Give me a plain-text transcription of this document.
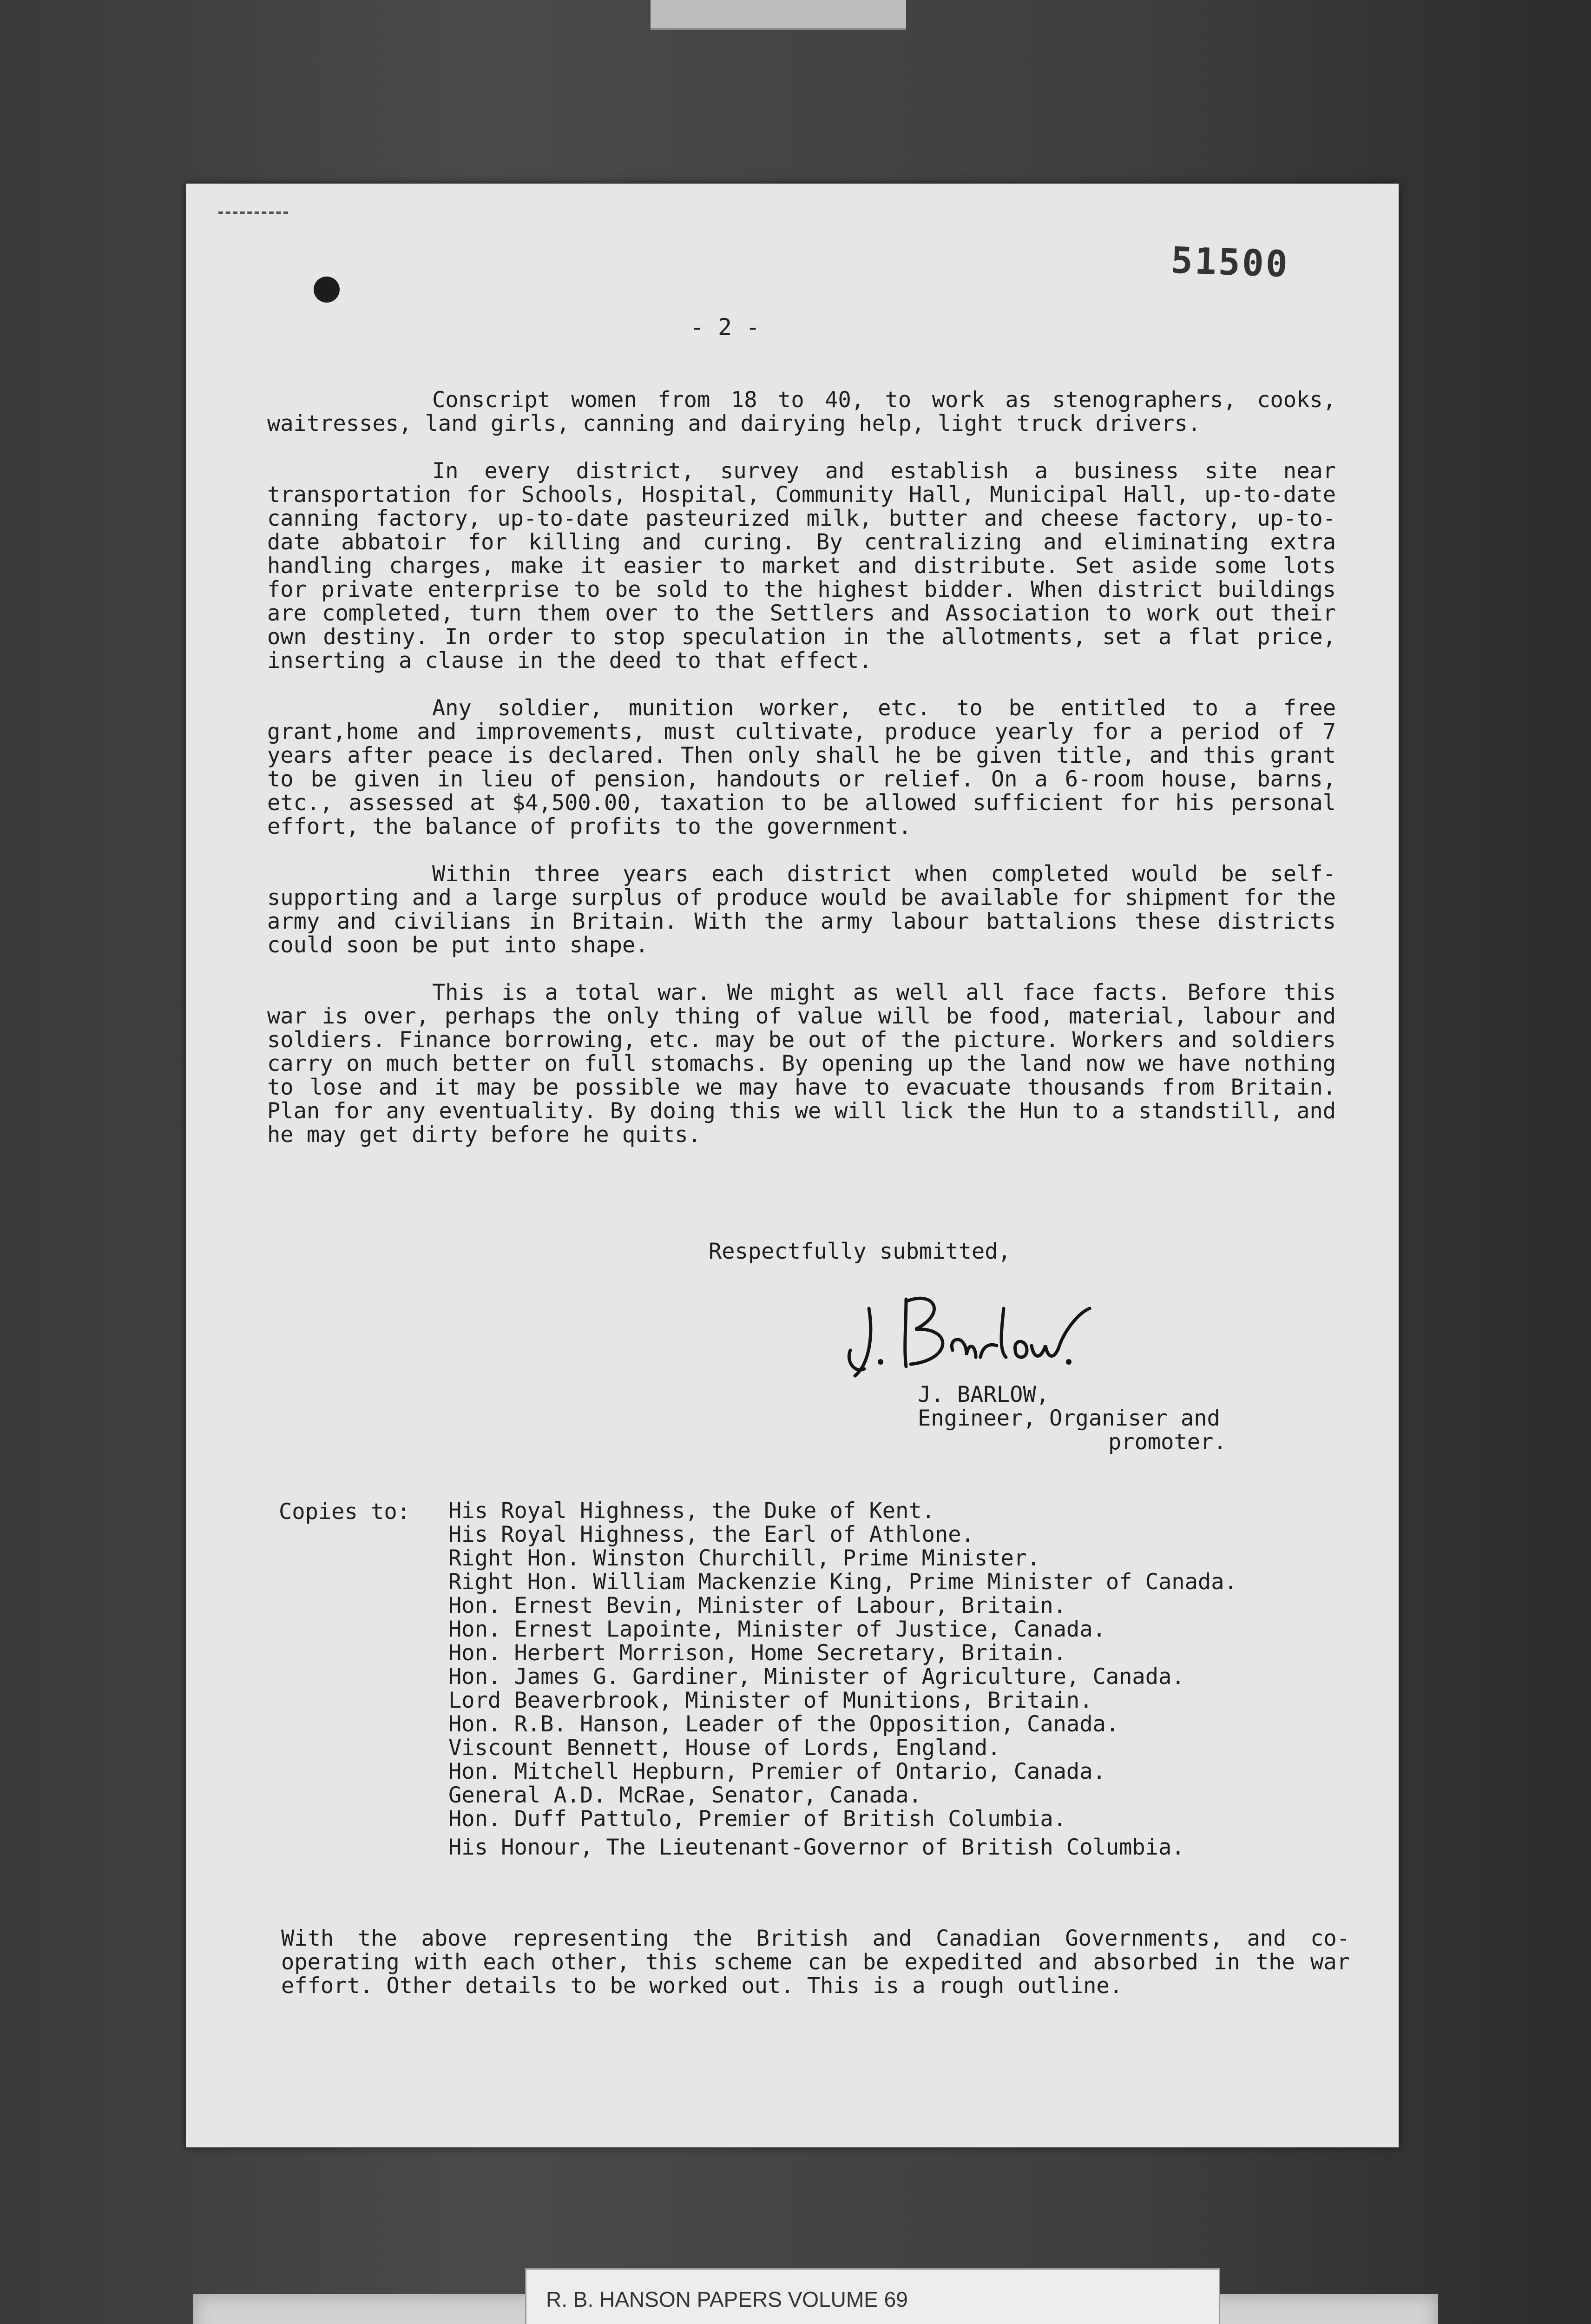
51500
- 2 -

Conscript women from 18 to 40, to work as stenographers, cooks, waitresses, land girls, canning and dairying help, light truck drivers.

In every district, survey and establish a business site near transportation for Schools, Hospital, Community Hall, Municipal Hall, up-to-date canning factory, up-to-date pasteurized milk, butter and cheese factory, up-to-date abbatoir for killing and curing. By centralizing and eliminating extra handling charges, make it easier to market and distribute. Set aside some lots for private enterprise to be sold to the highest bidder. When district buildings are completed, turn them over to the Settlers and Association to work out their own destiny. In order to stop speculation in the allotments, set a flat price, inserting a clause in the deed to that effect.

Any soldier, munition worker, etc. to be entitled to a free grant,home and improvements, must cultivate, produce yearly for a period of 7 years after peace is declared. Then only shall he be given title, and this grant to be given in lieu of pension, handouts or relief. On a 6-room house, barns, etc., assessed at $4,500.00, taxation to be allowed sufficient for his personal effort, the balance of profits to the government.

Within three years each district when completed would be self-supporting and a large surplus of produce would be available for shipment for the army and civilians in Britain. With the army labour battalions these districts could soon be put into shape.

This is a total war. We might as well all face facts. Before this war is over, perhaps the only thing of value will be food, material, labour and soldiers. Finance borrowing, etc. may be out of the picture. Workers and soldiers carry on much better on full stomachs. By opening up the land now we have nothing to lose and it may be possible we may have to evacuate thousands from Britain. Plan for any eventuality. By doing this we will lick the Hun to a standstill, and he may get dirty before he quits.

Respectfully submitted,
J. BARLOW,
Engineer, Organiser and
promoter.
Copies to: His Royal Highness, the Duke of Kent.
His Royal Highness, the Earl of Athlone.
Right Hon. Winston Churchill, Prime Minister.
Right Hon. William Mackenzie King, Prime Minister of Canada.
Hon. Ernest Bevin, Minister of Labour, Britain.
Hon. Ernest Lapointe, Minister of Justice, Canada.
Hon. Herbert Morrison, Home Secretary, Britain.
Hon. James G. Gardiner, Minister of Agriculture, Canada.
Lord Beaverbrook, Minister of Munitions, Britain.
Hon. R.B. Hanson, Leader of the Opposition, Canada.
Viscount Bennett, House of Lords, England.
Hon. Mitchell Hepburn, Premier of Ontario, Canada.
General A.D. McRae, Senator, Canada.
Hon. Duff Pattulo, Premier of British Columbia.
His Honour, The Lieutenant-Governor of British Columbia.
With the above representing the British and Canadian Governments, and co-operating with each other, this scheme can be expedited and absorbed in the war effort. Other details to be worked out. This is a rough outline.
R. B. HANSON PAPERS VOLUME 69
